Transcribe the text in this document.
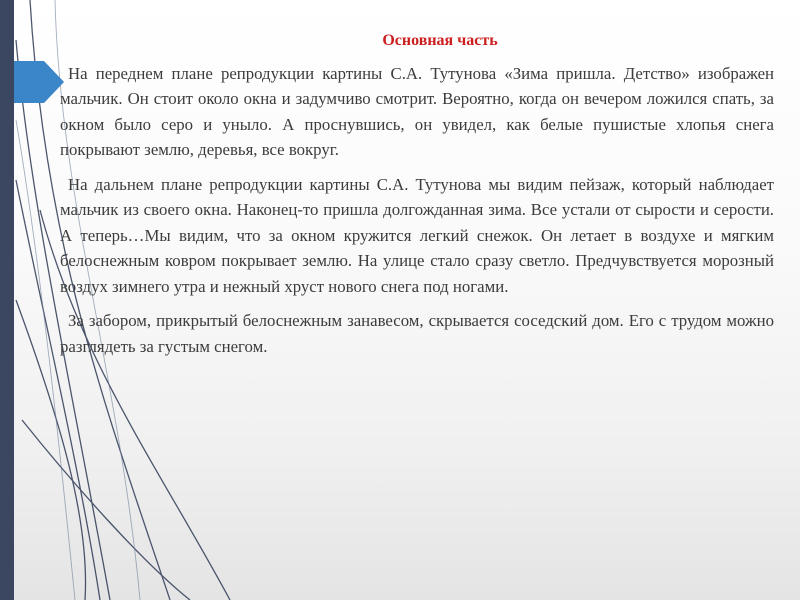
Основная часть

На переднем плане репродукции картины С.А. Тутунова «Зима пришла. Детство» изображен мальчик. Он стоит около окна и задумчиво смотрит. Вероятно, когда он вечером ложился спать, за окном было серо и уныло. А проснувшись, он увидел, как белые пушистые хлопья снега покрывают землю, деревья, все вокруг.

На дальнем плане репродукции картины С.А. Тутунова мы видим пейзаж, который наблюдает мальчик из своего окна. Наконец-то пришла долгожданная зима. Все устали от сырости и серости. А теперь…Мы видим, что за окном кружится легкий снежок. Он летает в воздухе и мягким белоснежным ковром покрывает землю. На улице стало сразу светло. Предчувствуется морозный воздух зимнего утра и нежный хруст нового снега под ногами.

За забором, прикрытый белоснежным занавесом, скрывается соседский дом. Его с трудом можно разглядеть за густым снегом.
